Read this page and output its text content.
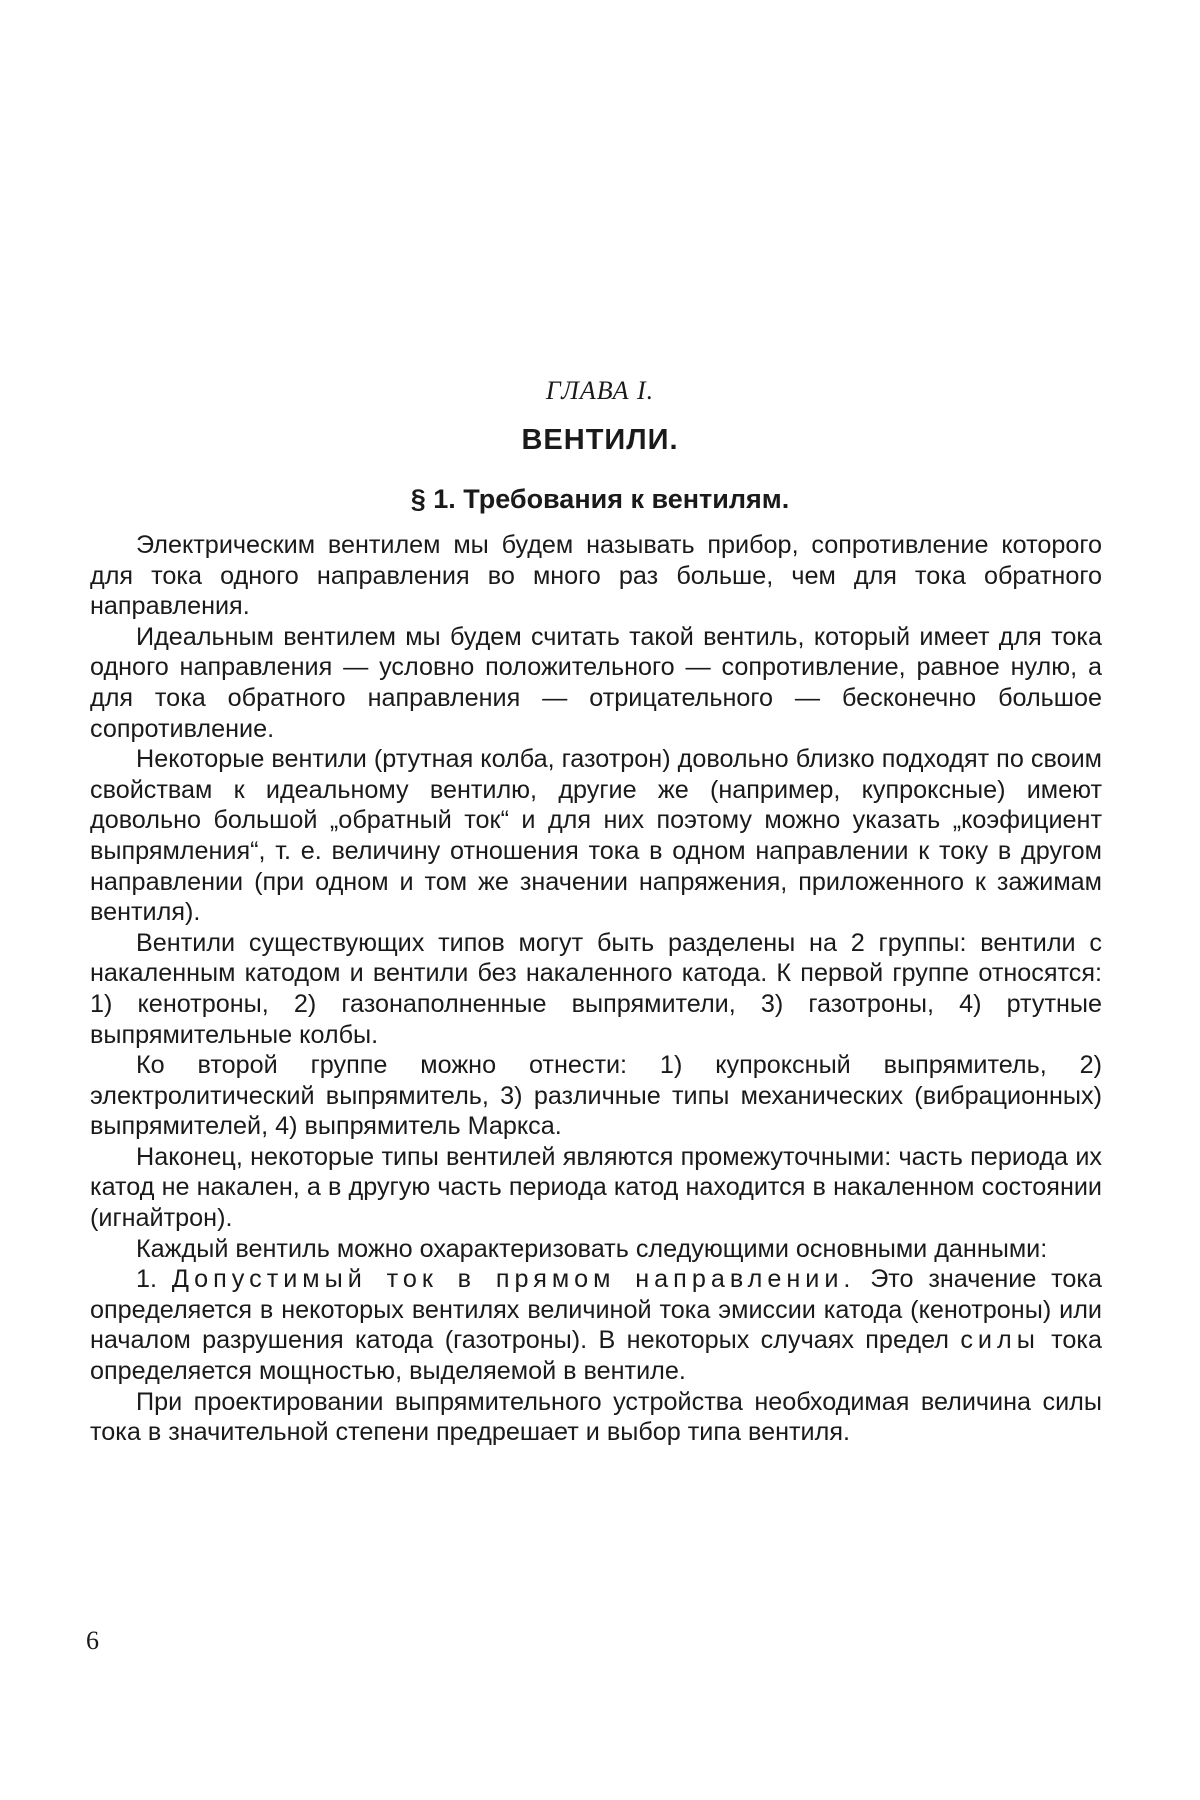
ГЛАВА I.
ВЕНТИЛИ.
§ 1. Требования к вентилям.

Электрическим вентилем мы будем называть прибор, сопротивление которого для тока одного направления во много раз больше, чем для тока обратного направления.

Идеальным вентилем мы будем считать такой вентиль, который имеет для тока одного направления — условно положительного — сопротивление, равное нулю, а для тока обратного направления — отрицательного — бесконечно большое сопротивление.

Некоторые вентили (ртутная колба, газотрон) довольно близко подходят по своим свойствам к идеальному вентилю, другие же (например, купроксные) имеют довольно большой „обратный ток“ и для них поэтому можно указать „коэфициент выпрямления“, т. е. величину отношения тока в одном направлении к току в другом направлении (при одном и том же значении напряжения, приложенного к зажимам вентиля).

Вентили существующих типов могут быть разделены на 2 группы: вентили с накаленным катодом и вентили без накаленного катода. К первой группе относятся: 1) кенотроны, 2) газонаполненные выпрямители, 3) газотроны, 4) ртутные выпрямительные колбы.

Ко второй группе можно отнести: 1) купроксный выпрямитель, 2) электролитический выпрямитель, 3) различные типы механических (вибрационных) выпрямителей, 4) выпрямитель Маркса.

Наконец, некоторые типы вентилей являются промежуточными: часть периода их катод не накален, а в другую часть периода катод находится в накаленном состоянии (игнайтрон).

Каждый вентиль можно охарактеризовать следующими основными данными:

1. Допустимый ток в прямом направлении. Это значение тока определяется в некоторых вентилях величиной тока эмиссии катода (кенотроны) или началом разрушения катода (газотроны). В некоторых случаях предел силы тока определяется мощностью, выделяемой в вентиле.

При проектировании выпрямительного устройства необходимая величина силы тока в значительной степени предрешает и выбор типа вентиля.

6
